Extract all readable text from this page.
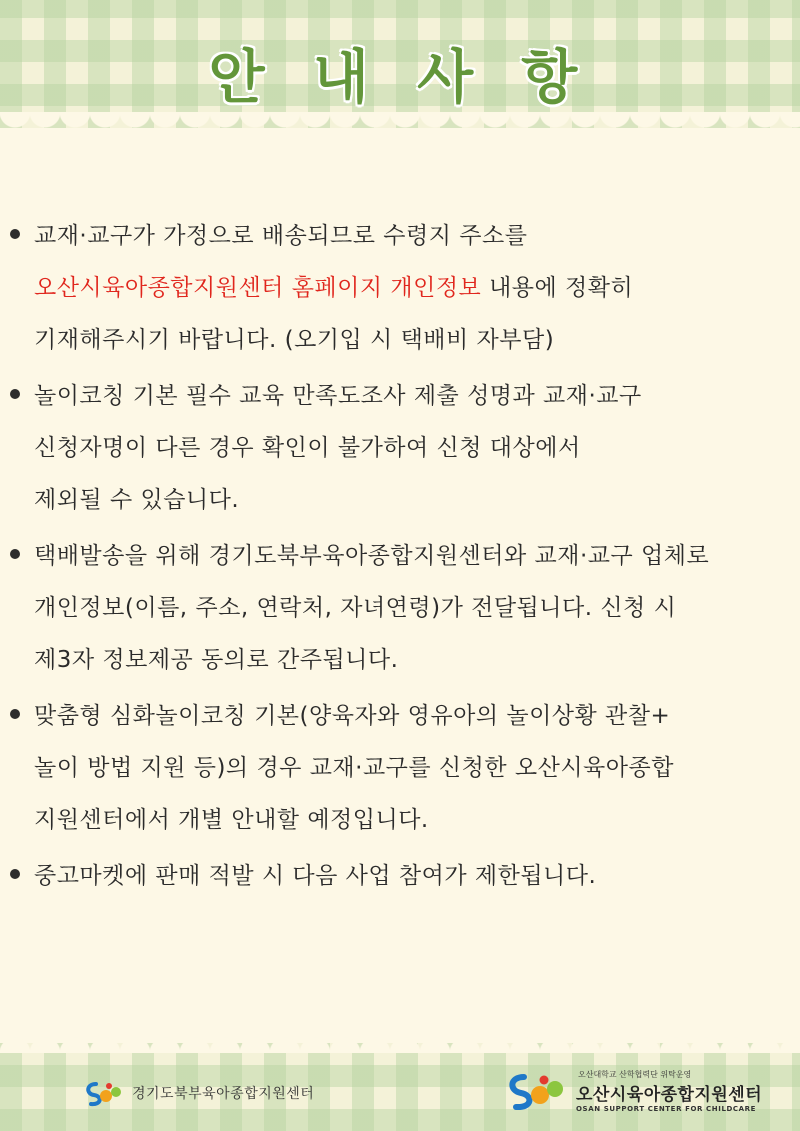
안 내 사 항
교재·교구가 가정으로 배송되므로 수령지 주소를
오산시육아종합지원센터 홈페이지 개인정보 내용에 정확히
기재해주시기 바랍니다. (오기입 시 택배비 자부담)
놀이코칭 기본 필수 교육 만족도조사 제출 성명과 교재·교구
신청자명이 다른 경우 확인이 불가하여 신청 대상에서
제외될 수 있습니다.
택배발송을 위해 경기도북부육아종합지원센터와 교재·교구 업체로
개인정보(이름, 주소, 연락처, 자녀연령)가 전달됩니다. 신청 시
제3자 정보제공 동의로 간주됩니다.
맞춤형 심화놀이코칭 기본(양육자와 영유아의 놀이상황 관찰+
놀이 방법 지원 등)의 경우 교재·교구를 신청한 오산시육아종합
지원센터에서 개별 안내할 예정입니다.
중고마켓에 판매 적발 시 다음 사업 참여가 제한됩니다.
경기도북부육아종합지원센터
오산대학교 산학협력단 위탁운영
오산시육아종합지원센터
OSAN SUPPORT CENTER FOR CHILDCARE
